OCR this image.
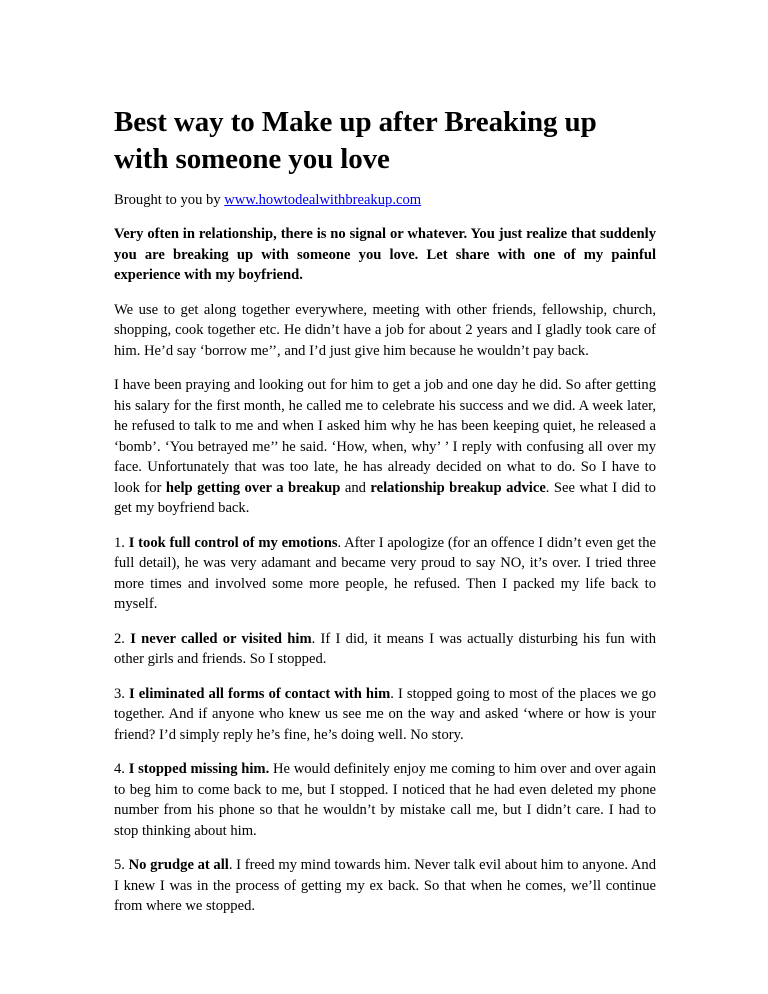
Best way to Make up after Breaking up with someone you love
Brought to you by www.howtodealwithbreakup.com

Very often in relationship, there is no signal or whatever. You just realize that suddenly you are breaking up with someone you love. Let share with one of my painful experience with my boyfriend.

We use to get along together everywhere, meeting with other friends, fellowship, church, shopping, cook together etc. He didn’t have a job for about 2 years and I gladly took care of him. He’d say ‘borrow me’’, and I’d just give him because he wouldn’t pay back.

I have been praying and looking out for him to get a job and one day he did. So after getting his salary for the first month, he called me to celebrate his success and we did. A week later, he refused to talk to me and when I asked him why he has been keeping quiet, he released a ‘bomb’. ‘You betrayed me’’ he said. ‘How, when, why’ ’ I reply with confusing all over my face. Unfortunately that was too late, he has already decided on what to do. So I have to look for help getting over a breakup and relationship breakup advice. See what I did to get my boyfriend back.

1. I took full control of my emotions. After I apologize (for an offence I didn’t even get the full detail), he was very adamant and became very proud to say NO, it’s over. I tried three more times and involved some more people, he refused. Then I packed my life back to myself.

2. I never called or visited him. If I did, it means I was actually disturbing his fun with other girls and friends. So I stopped.

3. I eliminated all forms of contact with him. I stopped going to most of the places we go together. And if anyone who knew us see me on the way and asked ‘where or how is your friend? I’d simply reply he’s fine, he’s doing well. No story.

4. I stopped missing him. He would definitely enjoy me coming to him over and over again to beg him to come back to me, but I stopped. I noticed that he had even deleted my phone number from his phone so that he wouldn’t by mistake call me, but I didn’t care. I had to stop thinking about him.

5. No grudge at all. I freed my mind towards him. Never talk evil about him to anyone. And I knew I was in the process of getting my ex back. So that when he comes, we’ll continue from where we stopped.
